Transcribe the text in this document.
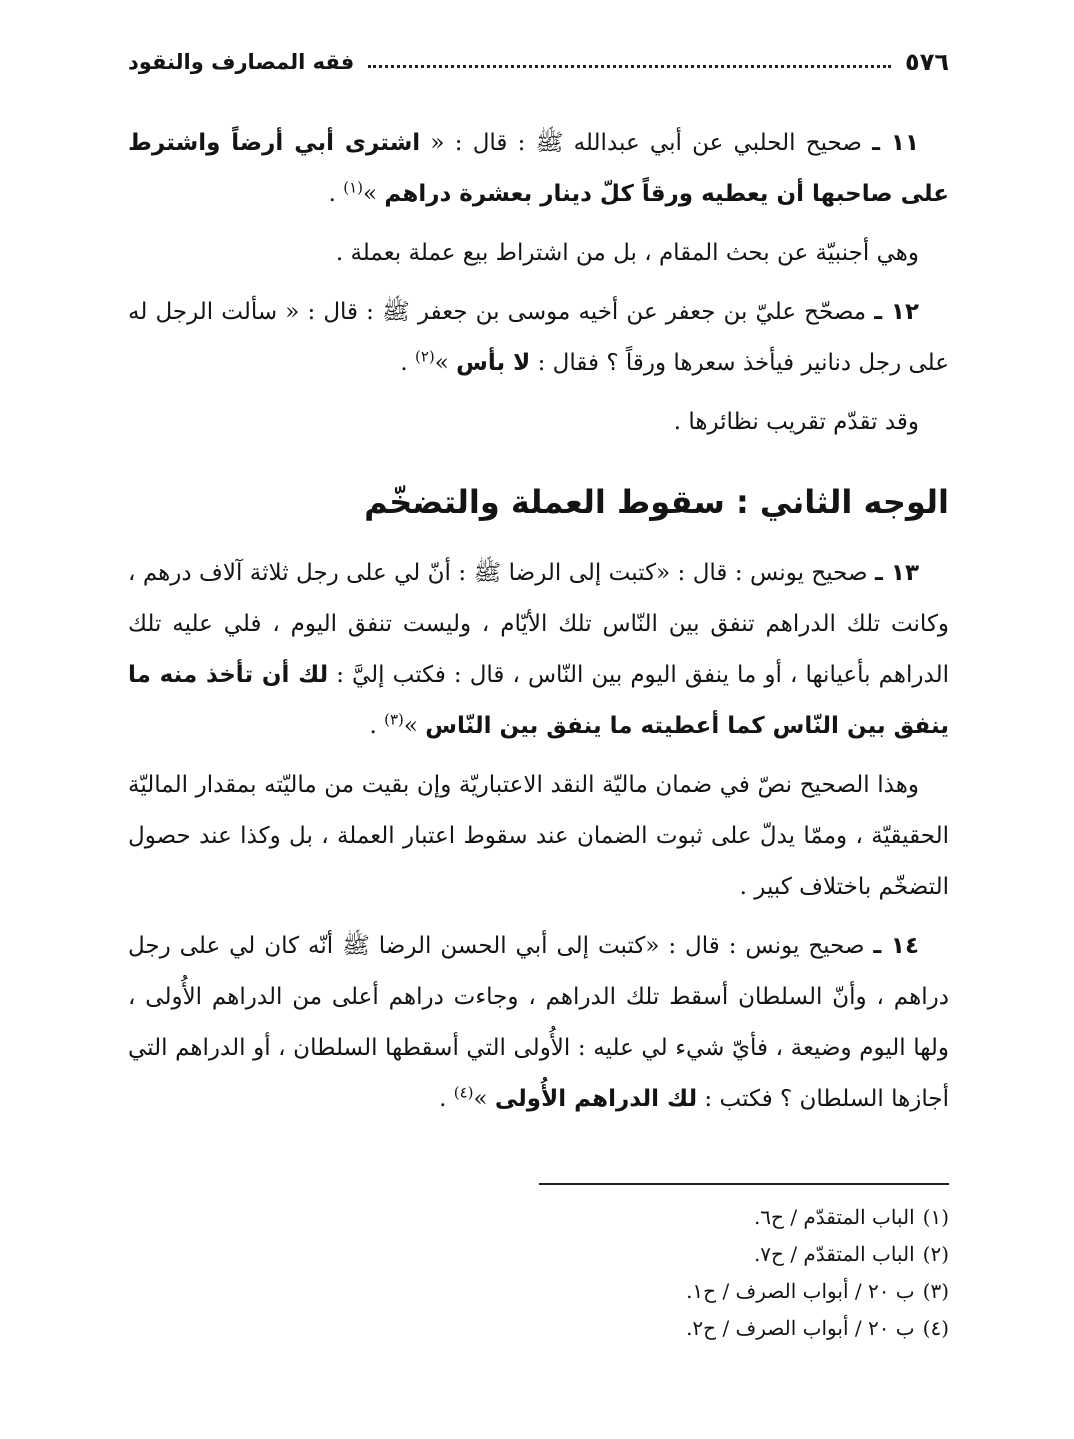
٥٧٦
فقه المصارف والنقود

١١ ـ صحيح الحلبي عن أبي عبدالله ﷺ : قال : « اشترى أبي أرضاً واشترط على صاحبها أن يعطيه ورقاً كلّ دينار بعشرة دراهم »$^{(١)}$ .

وهي أجنبيّة عن بحث المقام ، بل من اشتراط بيع عملة بعملة .

١٢ ـ مصحّح عليّ بن جعفر عن أخيه موسى بن جعفر ﷺ : قال : « سألت الرجل له على رجل دنانير فيأخذ سعرها ورقاً ؟ فقال : لا بأس »$^{(٢)}$ .

وقد تقدّم تقريب نظائرها .

الوجه الثاني : سقوط العملة والتضخّم

١٣ ـ صحيح يونس : قال : «كتبت إلى الرضا ﷺ : أنّ لي على رجل ثلاثة آلاف درهم ، وكانت تلك الدراهم تنفق بين النّاس تلك الأيّام ، وليست تنفق اليوم ، فلي عليه تلك الدراهم بأعيانها ، أو ما ينفق اليوم بين النّاس ، قال : فكتب إليَّ : لك أن تأخذ منه ما ينفق بين النّاس كما أعطيته ما ينفق بين النّاس »$^{(٣)}$ .

وهذا الصحيح نصّ في ضمان ماليّة النقد الاعتباريّة وإن بقيت من ماليّته بمقدار الماليّة الحقيقيّة ، وممّا يدلّ على ثبوت الضمان عند سقوط اعتبار العملة ، بل وكذا عند حصول التضخّم باختلاف كبير .

١٤ ـ صحيح يونس : قال : «كتبت إلى أبي الحسن الرضا ﷺ أنّه كان لي على رجل دراهم ، وأنّ السلطان أسقط تلك الدراهم ، وجاءت دراهم أعلى من الدراهم الأُولى ، ولها اليوم وضيعة ، فأيّ شيء لي عليه : الأُولى التي أسقطها السلطان ، أو الدراهم التي أجازها السلطان ؟ فكتب : لك الدراهم الأُولى »$^{(٤)}$ .

(١)الباب المتقدّم / ح٦.
(٢)الباب المتقدّم / ح٧.
(٣)ب ٢٠ / أبواب الصرف / ح١.
(٤)ب ٢٠ / أبواب الصرف / ح٢.
